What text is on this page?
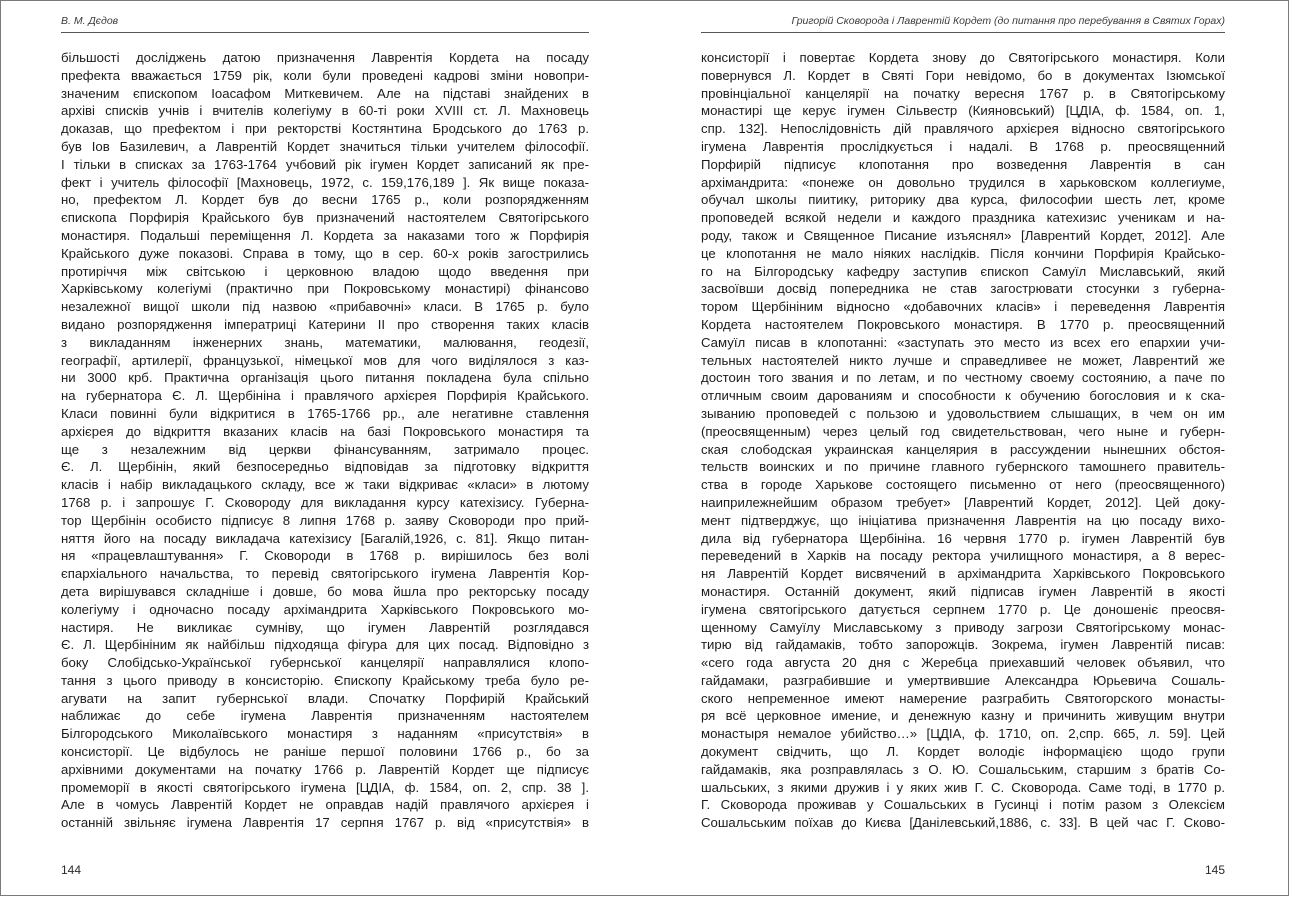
В. М. Дєдов
більшості досліджень датою призначення Лаврентія Кордета на посаду
префекта вважається 1759 рік, коли були проведені кадрові зміни новопри-
значеним єпископом Іоасафом Миткевичем. Але на підставі знайдених в
архіві списків учнів і вчителів колегіуму в 60-ті роки XVIII ст. Л. Махновець
доказав, що префектом і при ректорстві Костянтина Бродського до 1763 р.
був Іов Базилевич, а Лаврентій Кордет значиться тільки учителем філософії.
І тільки в списках за 1763-1764 учбовий рік ігумен Кордет записаний як пре-
фект і учитель філософії [Махновець, 1972, с. 159,176,189 ]. Як вище показа-
но, префектом Л. Кордет був до весни 1765 р., коли розпорядженням
єпископа Порфирія Крайського був призначений настоятелем Святогірського
монастиря. Подальші переміщення Л. Кордета за наказами того ж Порфирія
Крайського дуже показові. Справа в тому, що в сер. 60-х років загострились
протиріччя між світською і церковною владою щодо введення при
Харківському колегіумі (практично при Покровському монастирі) фінансово
незалежної вищої школи під назвою «прибавочні» класи. В 1765 р. було
видано розпорядження імператриці Катерини II про створення таких класів
з викладанням інженерних знань, математики, малювання, геодезії,
географії, артилерії, французької, німецької мов для чого виділялося з каз-
ни 3000 крб. Практична організація цього питання покладена була спільно
на губернатора Є. Л. Щербініна і правлячого архієрея Порфирія Крайського.
Класи повинні були відкритися в 1765-1766 рр., але негативне ставлення
архієрея до відкриття вказаних класів на базі Покровського монастиря та
ще з незалежним від церкви фінансуванням, затримало процес.
Є. Л. Щербінін, який безпосередньо відповідав за підготовку відкриття
класів і набір викладацького складу, все ж таки відкриває «класи» в лютому
1768 р. і запрошує Г. Сковороду для викладання курсу катехізису. Губерна-
тор Щербінін особисто підписує 8 липня 1768 р. заяву Сковороди про прий-
няття його на посаду викладача катехізису [Багалій,1926, с. 81]. Якщо питан-
ня «працевлаштування» Г. Сковороди в 1768 р. вирішилось без волі
єпархіального начальства, то перевід святогірського ігумена Лаврентія Кор-
дета вирішувався складніше і довше, бо мова йшла про ректорську посаду
колегіуму і одночасно посаду архімандрита Харківського Покровського мо-
настиря. Не викликає сумніву, що ігумен Лаврентій розглядався
Є. Л. Щербініним як найбільш підходяща фігура для цих посад. Відповідно з
боку Слобідсько-Української губернської канцелярії направлялися клопо-
тання з цього приводу в консисторію. Єпископу Крайському треба було ре-
агувати на запит губернської влади. Спочатку Порфирій Крайський
наближає до себе ігумена Лаврентія призначенням настоятелем
Білгородського Миколаївського монастиря з наданням «присутствія» в
консисторії. Це відбулось не раніше першої половини 1766 р., бо за
архівними документами на початку 1766 р. Лаврентій Кордет ще підписує
промеморії в якості святогірського ігумена [ЦДІА, ф. 1584, оп. 2, спр. 38 ].
Але в чомусь Лаврентій Кордет не оправдав надій правлячого архієрея і
останній звільняє ігумена Лаврентія 17 серпня 1767 р. від «присутствія» в
144
Григорій Сковорода і Лаврентій Кордет (до питання про перебування в Святих Горах)
консисторії і повертає Кордета знову до Святогірського монастиря. Коли
повернувся Л. Кордет в Святі Гори невідомо, бо в документах Ізюмської
провінціальної канцелярії на початку вересня 1767 р. в Святогірському
монастирі ще керує ігумен Сільвестр (Кияновський) [ЦДІА, ф. 1584, оп. 1,
спр. 132]. Непослідовність дій правлячого архієрея відносно святогірського
ігумена Лаврентія прослідкується і надалі. В 1768 р. преосвященний
Порфирій підписує клопотання про возведення Лаврентія в сан
архімандрита: «понеже он довольно трудился в харьковском коллегиуме,
обучал школы пиитику, риторику два курса, философии шесть лет, кроме
проповедей всякой недели и каждого праздника катехизис ученикам и на-
роду, також и Священное Писание изъяснял» [Лаврентий Кордет, 2012]. Але
це клопотання не мало ніяких наслідків. Після кончини Порфирія Крайсько-
го на Білгородську кафедру заступив єпископ Самуїл Миславський, який
засвоївши досвід попередника не став загострювати стосунки з губерна-
тором Щербініним відносно «добавочних класів» і переведення Лаврентія
Кордета настоятелем Покровського монастиря. В 1770 р. преосвященний
Самуїл писав в клопотанні: «заступать это место из всех его епархии учи-
тельных настоятелей никто лучше и справедливее не может, Лаврентий же
достоин того звания и по летам, и по честному своему состоянию, а паче по
отличным своим дарованиям и способности к обучению богословия и к ска-
зыванию проповедей с пользою и удовольствием слышащих, в чем он им
(преосвященным) через целый год свидетельствован, чего ныне и губерн-
ская слободская украинская канцелярия в рассуждении нынешних обстоя-
тельств воинских и по причине главного губернского тамошнего правитель-
ства в городе Харькове состоящего письменно от него (преосвященного)
наиприлежнейшим образом требует» [Лаврентий Кордет, 2012]. Цей доку-
мент підтверджує, що ініціатива призначення Лаврентія на цю посаду вихо-
дила від губернатора Щербініна. 16 червня 1770 р. ігумен Лаврентій був
переведений в Харків на посаду ректора училищного монастиря, а 8 верес-
ня Лаврентій Кордет висвячений в архімандрита Харківського Покровського
монастиря. Останній документ, який підписав ігумен Лаврентій в якості
ігумена святогірського датується серпнем 1770 р. Це доношеніє преосвя-
щенному Самуїлу Миславському з приводу загрози Святогірському монас-
тирю від гайдамаків, тобто запорожців. Зокрема, ігумен Лаврентій писав:
«сего года августа 20 дня с Жеребца приехавший человек объявил, что
гайдамаки, разграбившие и умертвившие Александра Юрьевича Сошаль-
ского непременное имеют намерение разграбить Святогорского монасты-
ря всё церковное имение, и денежную казну и причинить живущим внутри
монастыря немалое убийство…» [ЦДІА, ф. 1710, оп. 2,спр. 665, л. 59]. Цей
документ свідчить, що Л. Кордет володіє інформацією щодо групи
гайдамаків, яка розправлялась з О. Ю. Сошальським, старшим з братів Со-
шальських, з якими дружив і у яких жив Г. С. Сковорода. Саме тоді, в 1770 р.
Г. Сковорода проживав у Сошальських в Гусинці і потім разом з Олексієм
Сошальським поїхав до Києва [Данілевський,1886, с. 33]. В цей час Г. Сково-
145
